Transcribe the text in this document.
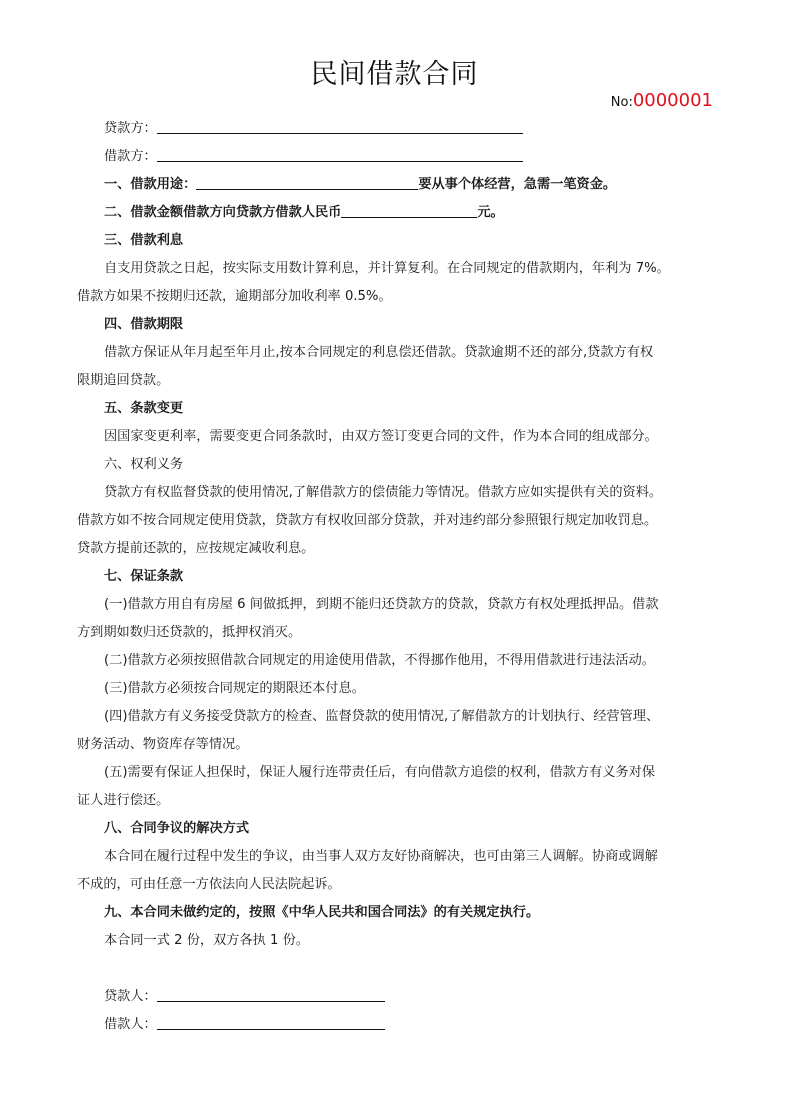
民间借款合同
No:0000001
贷款方：
借款方：
一、借款用途：	要从事个体经营，急需一笔资金。
二、借款金额借款方向贷款方借款人民币	元。
三、借款利息
自支用贷款之日起，按实际支用数计算利息，并计算复利。在合同规定的借款期内，年利为 7%。
借款方如果不按期归还款，逾期部分加收利率 0.5%。
四、借款期限
借款方保证从年月起至年月止,按本合同规定的利息偿还借款。贷款逾期不还的部分,贷款方有权
限期追回贷款。
五、条款变更
因国家变更利率，需要变更合同条款时，由双方签订变更合同的文件，作为本合同的组成部分。
六、权利义务
贷款方有权监督贷款的使用情况,了解借款方的偿债能力等情况。借款方应如实提供有关的资料。
借款方如不按合同规定使用贷款，贷款方有权收回部分贷款，并对违约部分参照银行规定加收罚息。
贷款方提前还款的，应按规定减收利息。
七、保证条款
(一)借款方用自有房屋 6 间做抵押，到期不能归还贷款方的贷款，贷款方有权处理抵押品。借款
方到期如数归还贷款的，抵押权消灭。
(二)借款方必须按照借款合同规定的用途使用借款，不得挪作他用，不得用借款进行违法活动。
(三)借款方必须按合同规定的期限还本付息。
(四)借款方有义务接受贷款方的检查、监督贷款的使用情况,了解借款方的计划执行、经营管理、
财务活动、物资库存等情况。
(五)需要有保证人担保时，保证人履行连带责任后，有向借款方追偿的权利，借款方有义务对保
证人进行偿还。
八、合同争议的解决方式
本合同在履行过程中发生的争议，由当事人双方友好协商解决，也可由第三人调解。协商或调解
不成的，可由任意一方依法向人民法院起诉。
九、本合同未做约定的，按照《中华人民共和国合同法》的有关规定执行。
本合同一式 2 份，双方各执 1 份。
贷款人：
借款人：
